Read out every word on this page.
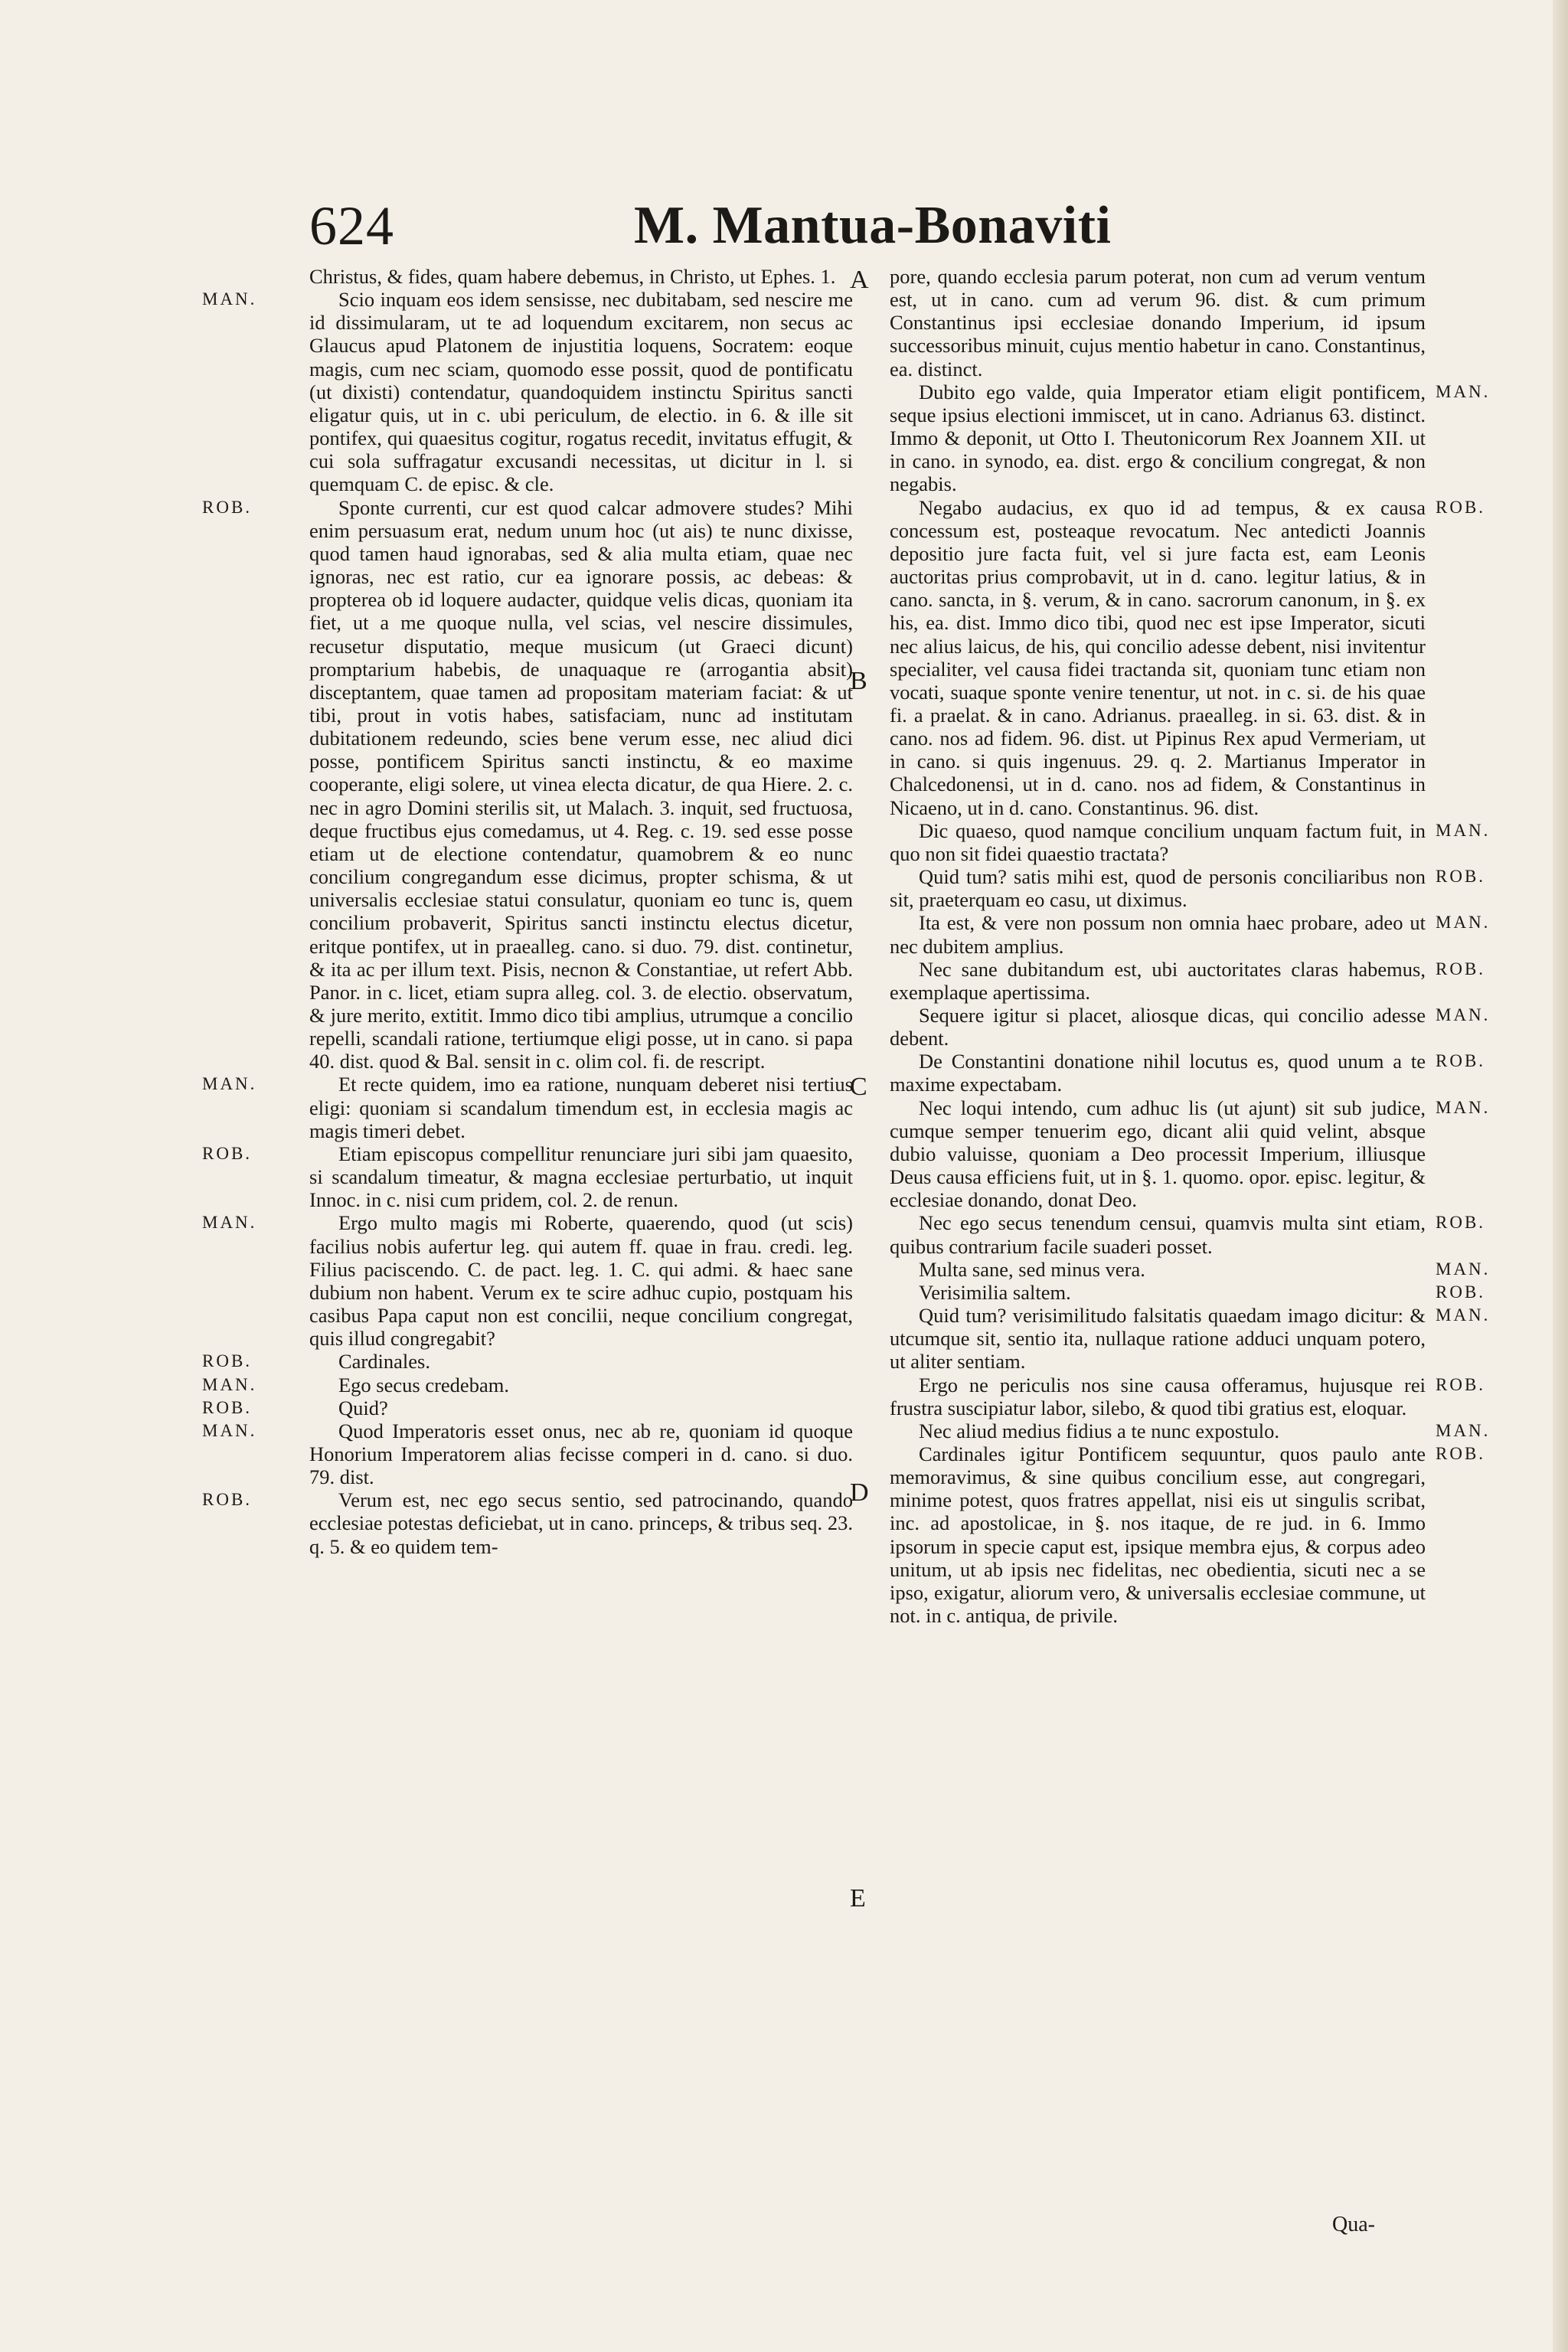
624	M. Mantua-Bonaviti

Christus, & fides, quam habere debemus, in Christo, ut Ephes. 1.

MAN.	Scio inquam eos idem sensisse, nec dubitabam, sed nescire me id dissimularam, ut te ad loquendum excitarem, non secus ac Glaucus apud Platonem de injustitia loquens, Socratem: eoque magis, cum nec sciam, quomodo esse possit, quod de pontificatu (ut dixisti) contendatur, quandoquidem instinctu Spiritus sancti eligatur quis, ut in c. ubi periculum, de electio. in 6. & ille sit pontifex, qui quaesitus cogitur, rogatus recedit, invitatus effugit, & cui sola suffragatur excusandi necessitas, ut dicitur in l. si quemquam C. de episc. & cle.

ROB.	Sponte currenti, cur est quod calcar admovere studes? Mihi enim persuasum erat, nedum unum hoc (ut ais) te nunc dixisse, quod tamen haud ignorabas, sed & alia multa etiam, quae nec ignoras, nec est ratio, cur ea ignorare possis, ac debeas: & propterea ob id loquere audacter, quidque velis dicas, quoniam ita fiet, ut a me quoque nulla, vel scias, vel nescire dissimules, recusetur disputatio, meque musicum (ut Graeci dicunt) promptarium habebis, de unaquaque re (arrogantia absit) disceptantem, quae tamen ad propositam materiam faciat: & ut tibi, prout in votis habes, satisfaciam, nunc ad institutam dubitationem redeundo, scies bene verum esse, nec aliud dici posse, pontificem Spiritus sancti instinctu, & eo maxime cooperante, eligi solere, ut vinea electa dicatur, de qua Hiere. 2. c. nec in agro Domini sterilis sit, ut Malach. 3. inquit, sed fructuosa, deque fructibus ejus comedamus, ut 4. Reg. c. 19. sed esse posse etiam ut de electione contendatur, quamobrem & eo nunc concilium congregandum esse dicimus, propter schisma, & ut universalis ecclesiae statui consulatur, quoniam eo tunc is, quem concilium probaverit, Spiritus sancti instinctu electus dicetur, eritque pontifex, ut in praealleg. cano. si duo. 79. dist. continetur, & ita ac per illum text. Pisis, necnon & Constantiae, ut refert Abb. Panor. in c. licet, etiam supra alleg. col. 3. de electio. observatum, & jure merito, extitit. Immo dico tibi amplius, utrumque a concilio repelli, scandali ratione, tertiumque eligi posse, ut in cano. si papa 40. dist. quod & Bal. sensit in c. olim col. fi. de rescript.

MAN.	Et recte quidem, imo ea ratione, nunquam deberet nisi tertius eligi: quoniam si scandalum timendum est, in ecclesia magis ac magis timeri debet.

ROB.	Etiam episcopus compellitur renunciare juri sibi jam quaesito, si scandalum timeatur, & magna ecclesiae perturbatio, ut inquit Innoc. in c. nisi cum pridem, col. 2. de renun.

MAN.	Ergo multo magis mi Roberte, quaerendo, quod (ut scis) facilius nobis aufertur leg. qui autem ff. quae in frau. credi. leg. Filius paciscendo. C. de pact. leg. 1. C. qui admi. & haec sane dubium non habent. Verum ex te scire adhuc cupio, postquam his casibus Papa caput non est concilii, neque concilium congregat, quis illud congregabit?

ROB.	Cardinales.

MAN.	Ego secus credebam.

ROB.	Quid?

MAN.	Quod Imperatoris esset onus, nec ab re, quoniam id quoque Honorium Imperatorem alias fecisse comperi in d. cano. si duo. 79. dist.

ROB.	Verum est, nec ego secus sentio, sed patrocinando, quando ecclesiae potestas deficiebat, ut in cano. princeps, & tribus seq. 23. q. 5. & eo quidem tem-

pore, quando ecclesia parum poterat, non cum ad verum ventum est, ut in cano. cum ad verum 96. dist. & cum primum Constantinus ipsi ecclesiae donando Imperium, id ipsum successoribus minuit, cujus mentio habetur in cano. Constantinus, ea. distinct.

MAN.
Dubito ego valde, quia Imperator etiam eligit pontificem, seque ipsius electioni immiscet, ut in cano. Adrianus 63. distinct. Immo & deponit, ut Otto I. Theutonicorum Rex Joannem XII. ut in cano. in synodo, ea. dist. ergo & concilium congregat, & non negabis.

ROB.
Negabo audacius, ex quo id ad tempus, & ex causa concessum est, posteaque revocatum. Nec antedicti Joannis depositio jure facta fuit, vel si jure facta est, eam Leonis auctoritas prius comprobavit, ut in d. cano. legitur latius, & in cano. sancta, in §. verum, & in cano. sacrorum canonum, in §. ex his, ea. dist. Immo dico tibi, quod nec est ipse Imperator, sicuti nec alius laicus, de his, qui concilio adesse debent, nisi invitentur specialiter, vel causa fidei tractanda sit, quoniam tunc etiam non vocati, suaque sponte venire tenentur, ut not. in c. si. de his quae fi. a praelat. & in cano. Adrianus. praealleg. in si. 63. dist. & in cano. nos ad fidem. 96. dist. ut Pipinus Rex apud Vermeriam, ut in cano. si quis ingenuus. 29. q. 2. Martianus Imperator in Chalcedonensi, ut in d. cano. nos ad fidem, & Constantinus in Nicaeno, ut in d. cano. Constantinus. 96. dist.

MAN.
Dic quaeso, quod namque concilium unquam factum fuit, in quo non sit fidei quaestio tractata?

ROB.
Quid tum? satis mihi est, quod de personis conciliaribus non sit, praeterquam eo casu, ut diximus.

MAN.
Ita est, & vere non possum non omnia haec probare, adeo ut nec dubitem amplius.

ROB.
Nec sane dubitandum est, ubi auctoritates claras habemus, exemplaque apertissima.

MAN.
Sequere igitur si placet, aliosque dicas, qui concilio adesse debent.

ROB.
De Constantini donatione nihil locutus es, quod unum a te maxime expectabam.

MAN.
Nec loqui intendo, cum adhuc lis (ut ajunt) sit sub judice, cumque semper tenuerim ego, dicant alii quid velint, absque dubio valuisse, quoniam a Deo processit Imperium, illiusque Deus causa efficiens fuit, ut in §. 1. quomo. opor. episc. legitur, & ecclesiae donando, donat Deo.

ROB.
Nec ego secus tenendum censui, quamvis multa sint etiam, quibus contrarium facile suaderi posset.

MAN.
Multa sane, sed minus vera.

ROB.
Verisimilia saltem.

MAN.
Quid tum? verisimilitudo falsitatis quaedam imago dicitur: & utcumque sit, sentio ita, nullaque ratione adduci unquam potero, ut aliter sentiam.

ROB.
Ergo ne periculis nos sine causa offeramus, hujusque rei frustra suscipiatur labor, silebo, & quod tibi gratius est, eloquar.

MAN.
Nec aliud medius fidius a te nunc expostulo.

ROB.
Cardinales igitur Pontificem sequuntur, quos paulo ante memoravimus, & sine quibus concilium esse, aut congregari, minime potest, quos fratres appellat, nisi eis ut singulis scribat, inc. ad apostolicae, in §. nos itaque, de re jud. in 6. Immo ipsorum in specie caput est, ipsique membra ejus, & corpus adeo unitum, ut ab ipsis nec fidelitas, nec obedientia, sicuti nec a se ipso, exigatur, aliorum vero, & universalis ecclesiae commune, ut not. in c. antiqua, de privile.

A
B
C
D
E
Qua-
